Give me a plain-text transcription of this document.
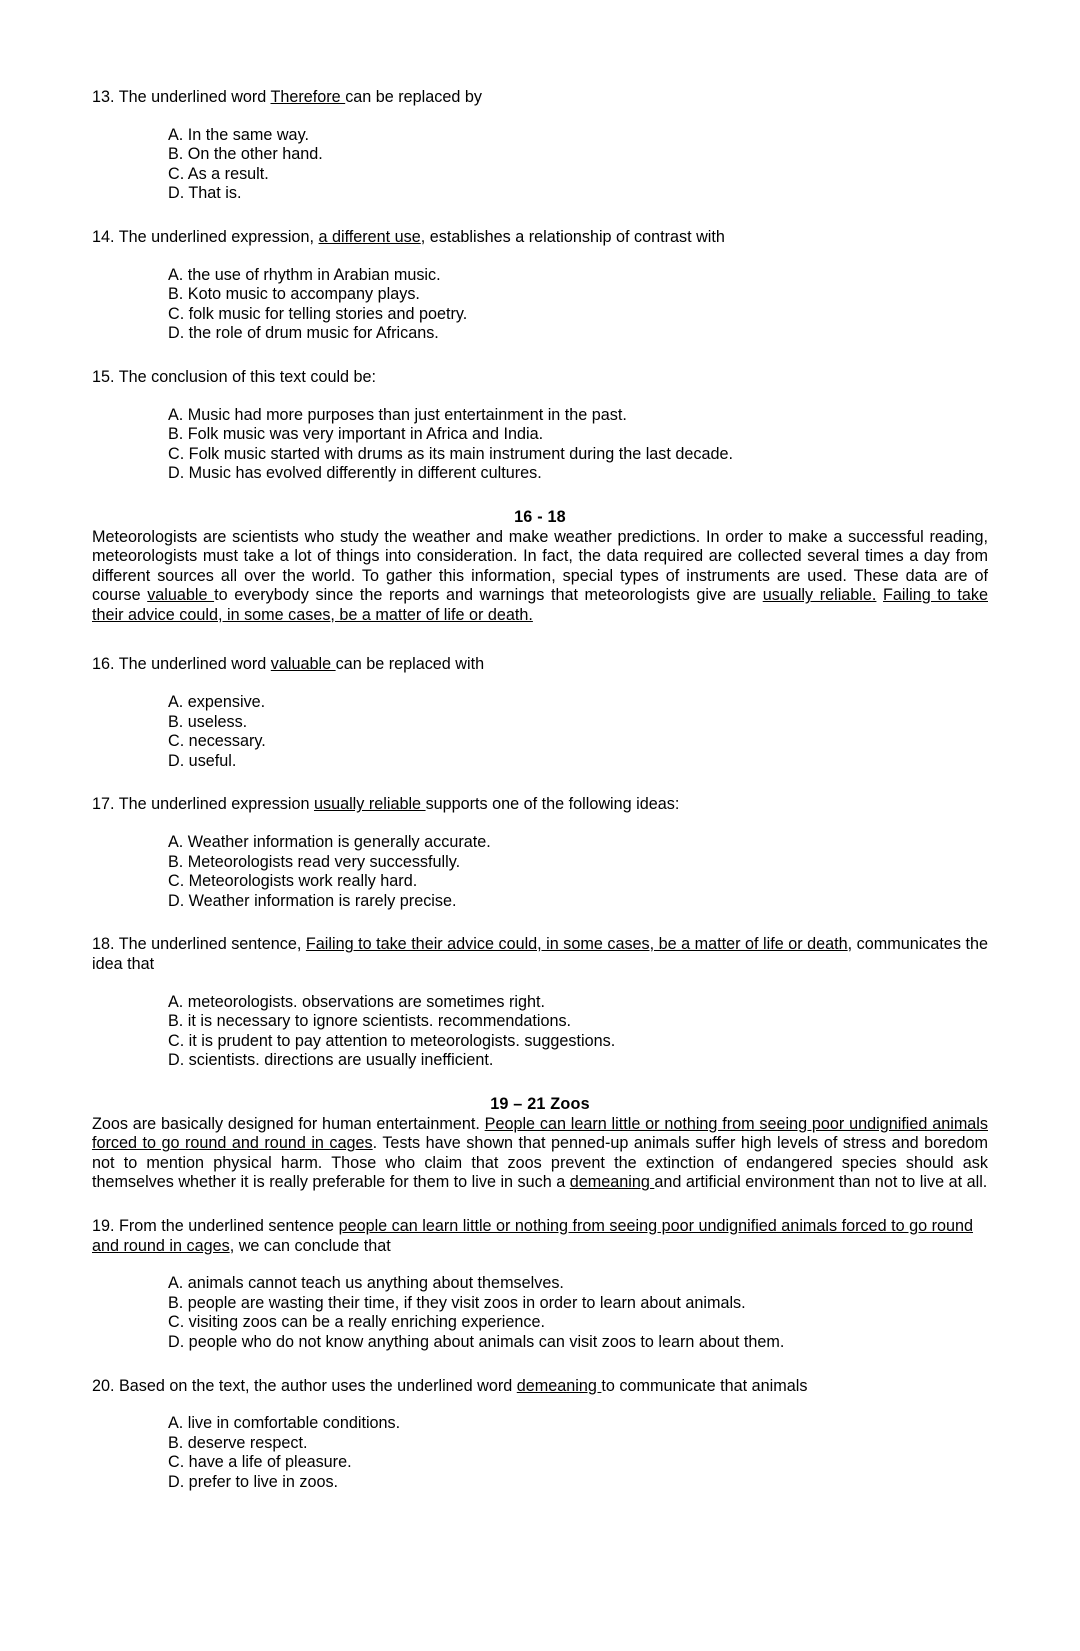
13. The underlined word Therefore can be replaced by

A. In the same way.
B. On the other hand.
C. As a result.
D. That is.

14. The underlined expression, a different use, establishes a relationship of contrast with

A. the use of rhythm in Arabian music.
B. Koto music to accompany plays.
C. folk music for telling stories and poetry.
D. the role of drum music for Africans.

15. The conclusion of this text could be:

A. Music had more purposes than just entertainment in the past.
B. Folk music was very important in Africa and India.
C. Folk music started with drums as its main instrument during the last decade.
D. Music has evolved differently in different cultures.

16 - 18

Meteorologists are scientists who study the weather and make weather predictions. In order to make a successful reading, meteorologists must take a lot of things into consideration. In fact, the data required are collected several times a day from different sources all over the world. To gather this information, special types of instruments are used. These data are of course valuable to everybody since the reports and warnings that meteorologists give are usually reliable. Failing to take their advice could, in some cases, be a matter of life or death.

16. The underlined word valuable can be replaced with

A. expensive.
B. useless.
C. necessary.
D. useful.

17. The underlined expression usually reliable supports one of the following ideas:

A. Weather information is generally accurate.
B. Meteorologists read very successfully.
C. Meteorologists work really hard.
D. Weather information is rarely precise.

18. The underlined sentence, Failing to take their advice could, in some cases, be a matter of life or death, communicates the idea that

A. meteorologists. observations are sometimes right.
B. it is necessary to ignore scientists. recommendations.
C. it is prudent to pay attention to meteorologists. suggestions.
D. scientists. directions are usually inefficient.

19 – 21 Zoos

Zoos are basically designed for human entertainment. People can learn little or nothing from seeing poor undignified animals forced to go round and round in cages. Tests have shown that penned-up animals suffer high levels of stress and boredom not to mention physical harm. Those who claim that zoos prevent the extinction of endangered species should ask themselves whether it is really preferable for them to live in such a demeaning and artificial environment than not to live at all.

19. From the underlined sentence people can learn little or nothing from seeing poor undignified animals forced to go round and round in cages, we can conclude that

A. animals cannot teach us anything about themselves.
B. people are wasting their time, if they visit zoos in order to learn about animals.
C. visiting zoos can be a really enriching experience.
D. people who do not know anything about animals can visit zoos to learn about them.

20. Based on the text, the author uses the underlined word demeaning to communicate that animals

A. live in comfortable conditions.
B. deserve respect.
C. have a life of pleasure.
D. prefer to live in zoos.
